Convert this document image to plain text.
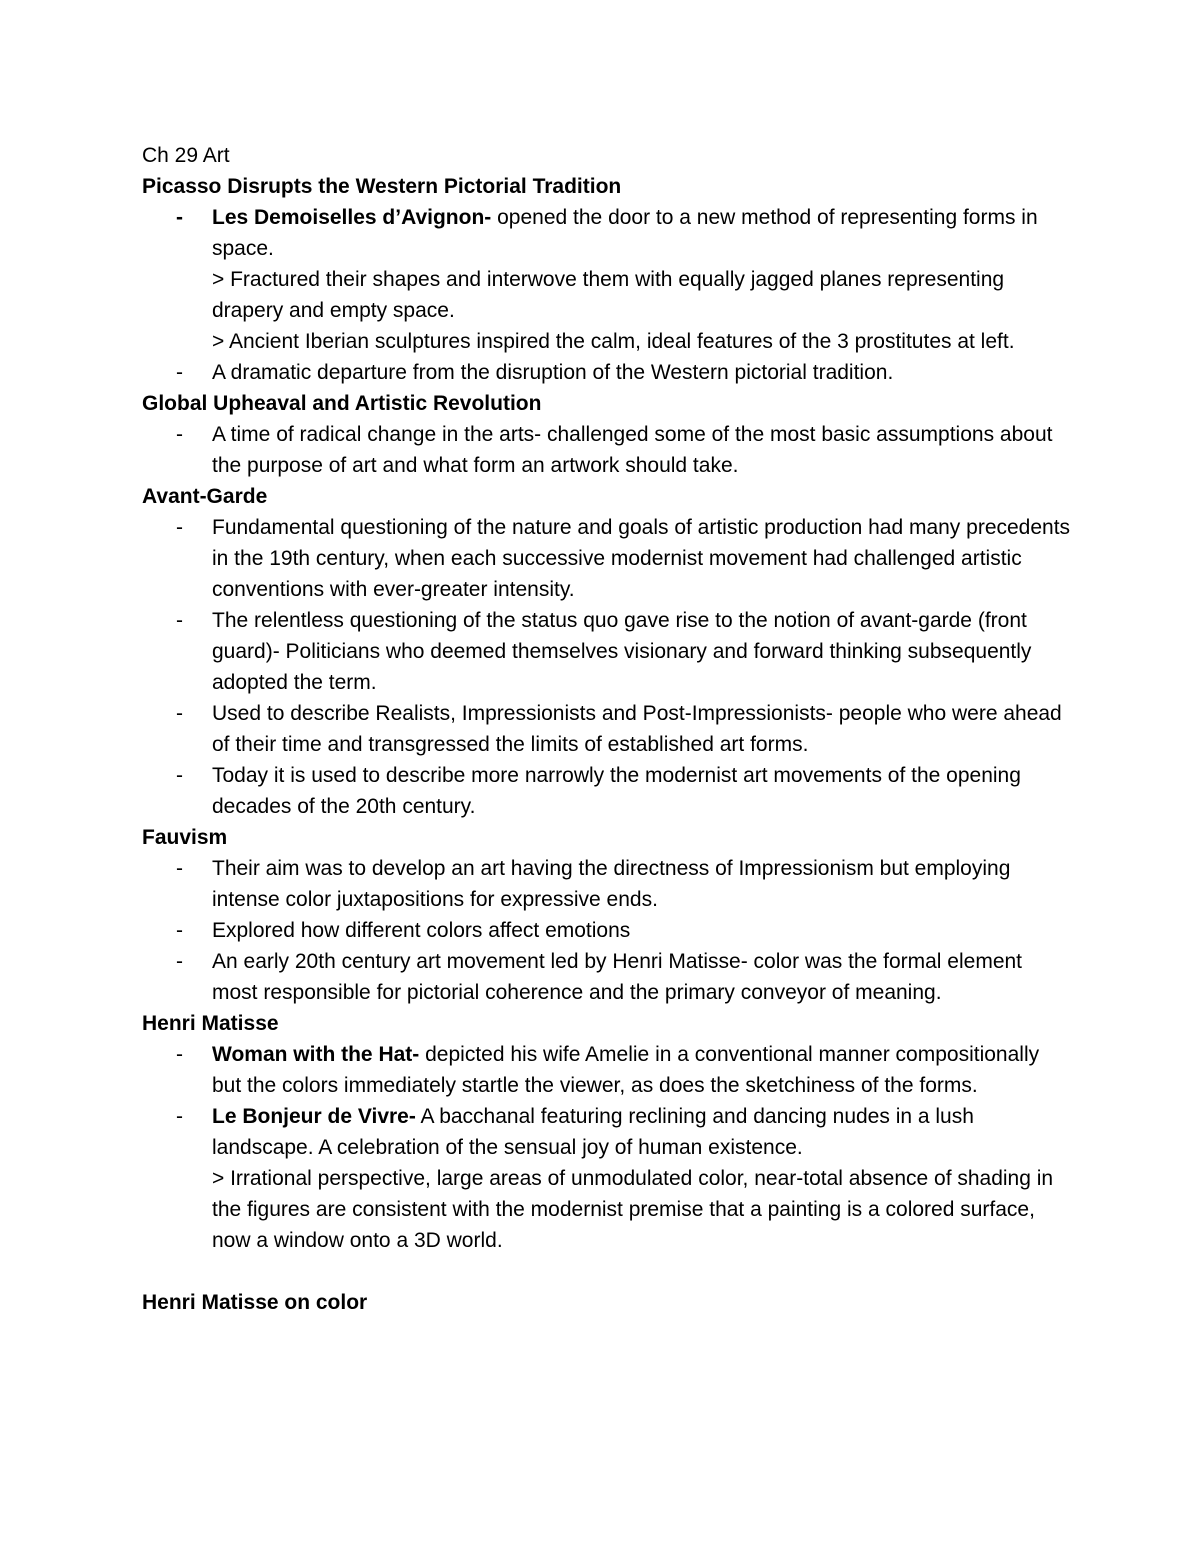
Ch 29 Art
Picasso Disrupts the Western Pictorial Tradition
- Les Demoiselles d’Avignon- opened the door to a new method of representing forms in space.
> Fractured their shapes and interwove them with equally jagged planes representing drapery and empty space.
> Ancient Iberian sculptures inspired the calm, ideal features of the 3 prostitutes at left.
- A dramatic departure from the disruption of the Western pictorial tradition.
Global Upheaval and Artistic Revolution
- A time of radical change in the arts- challenged some of the most basic assumptions about the purpose of art and what form an artwork should take.
Avant-Garde
- Fundamental questioning of the nature and goals of artistic production had many precedents in the 19th century, when each successive modernist movement had challenged artistic conventions with ever-greater intensity.
- The relentless questioning of the status quo gave rise to the notion of avant-garde (front guard)- Politicians who deemed themselves visionary and forward thinking subsequently adopted the term.
- Used to describe Realists, Impressionists and Post-Impressionists- people who were ahead of their time and transgressed the limits of established art forms.
- Today it is used to describe more narrowly the modernist art movements of the opening decades of the 20th century.
Fauvism
- Their aim was to develop an art having the directness of Impressionism but employing intense color juxtapositions for expressive ends.
- Explored how different colors affect emotions
- An early 20th century art movement led by Henri Matisse- color was the formal element most responsible for pictorial coherence and the primary conveyor of meaning.
Henri Matisse
- Woman with the Hat- depicted his wife Amelie in a conventional manner compositionally but the colors immediately startle the viewer, as does the sketchiness of the forms.
- Le Bonjeur de Vivre- A bacchanal featuring reclining and dancing nudes in a lush landscape. A celebration of the sensual joy of human existence.
> Irrational perspective, large areas of unmodulated color, near-total absence of shading in the figures are consistent with the modernist premise that a painting is a colored surface, now a window onto a 3D world.
Henri Matisse on color
